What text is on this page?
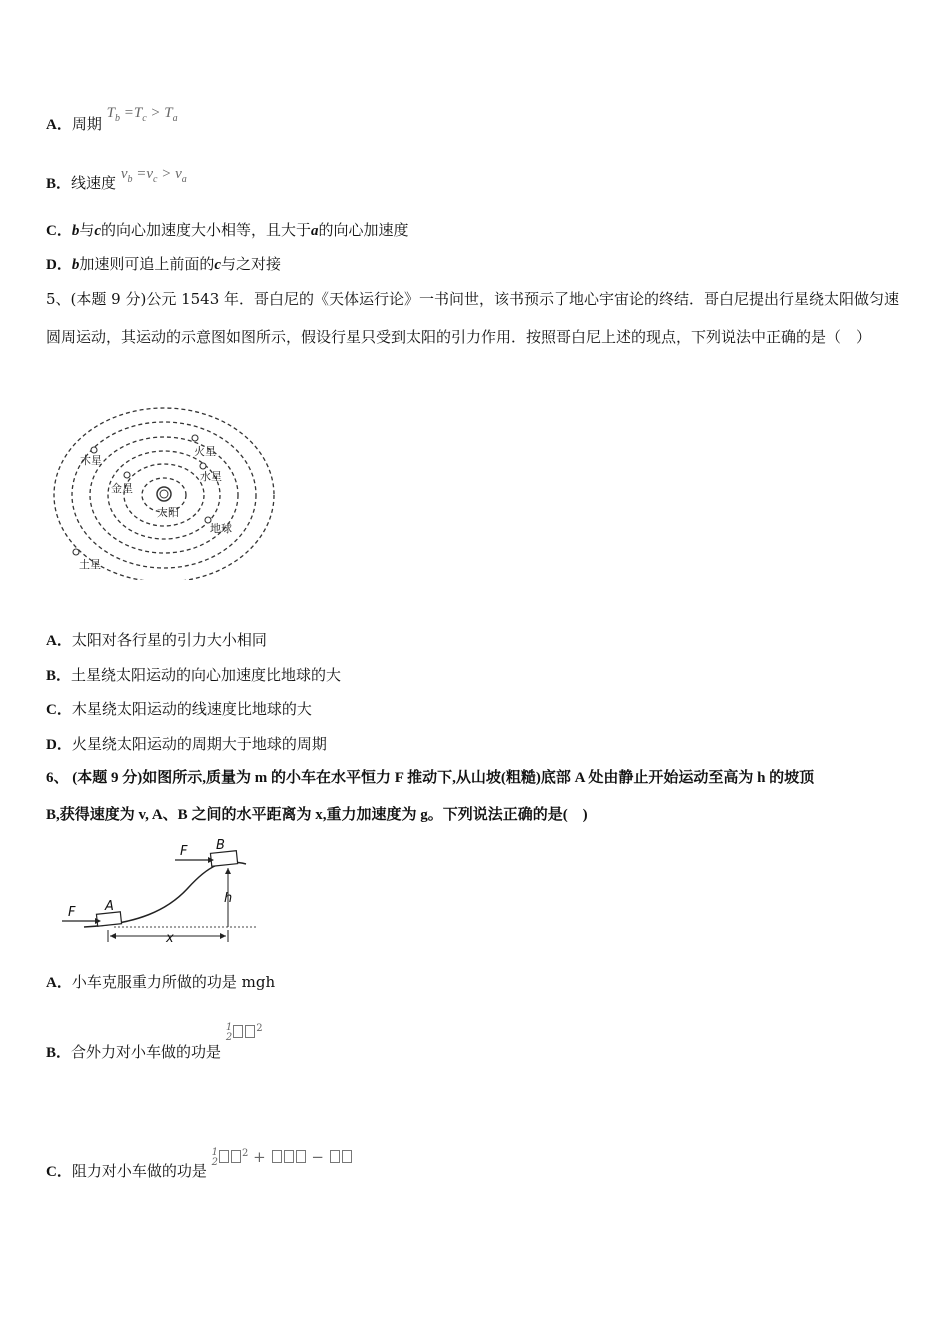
A．周期 $T_b =T_c > T_a$
B．线速度 $v_b =v_c > v_a$
C．b与c的向心加速度大小相等，且大于a的向心加速度
D．b加速则可追上前面的c与之对接
5、(本题 9 分)公元 1543 年．哥白尼的《天体运行论》一书问世，该书预示了地心宇宙论的终结．哥白尼提出行星绕太阳做匀速圆周运动，其运动的示意图如图所示，假设行星只受到太阳的引力作用．按照哥白尼上述的现点，下列说法中正确的是（　）
太阳
木星
火星
水星
金星
地球
土星
A．太阳对各行星的引力大小相同
B．土星绕太阳运动的向心加速度比地球的大
C．木星绕太阳运动的线速度比地球的大
D．火星绕太阳运动的周期大于地球的周期
6、 (本题 9 分)如图所示,质量为 m 的小车在水平恒力 F 推动下,从山坡(粗糙)底部 A 处由静止开始运动至高为 h 的坡顶
B,获得速度为 v, A、B 之间的水平距离为 x,重力加速度为 g。下列说法正确的是(　)
F A
F B
h
x
A．小车克服重力所做的功是 mgh
B．合外力对小车做的功是 1
$2^2$
C．阻力对小车做的功是 1
$2^2$ +	−
